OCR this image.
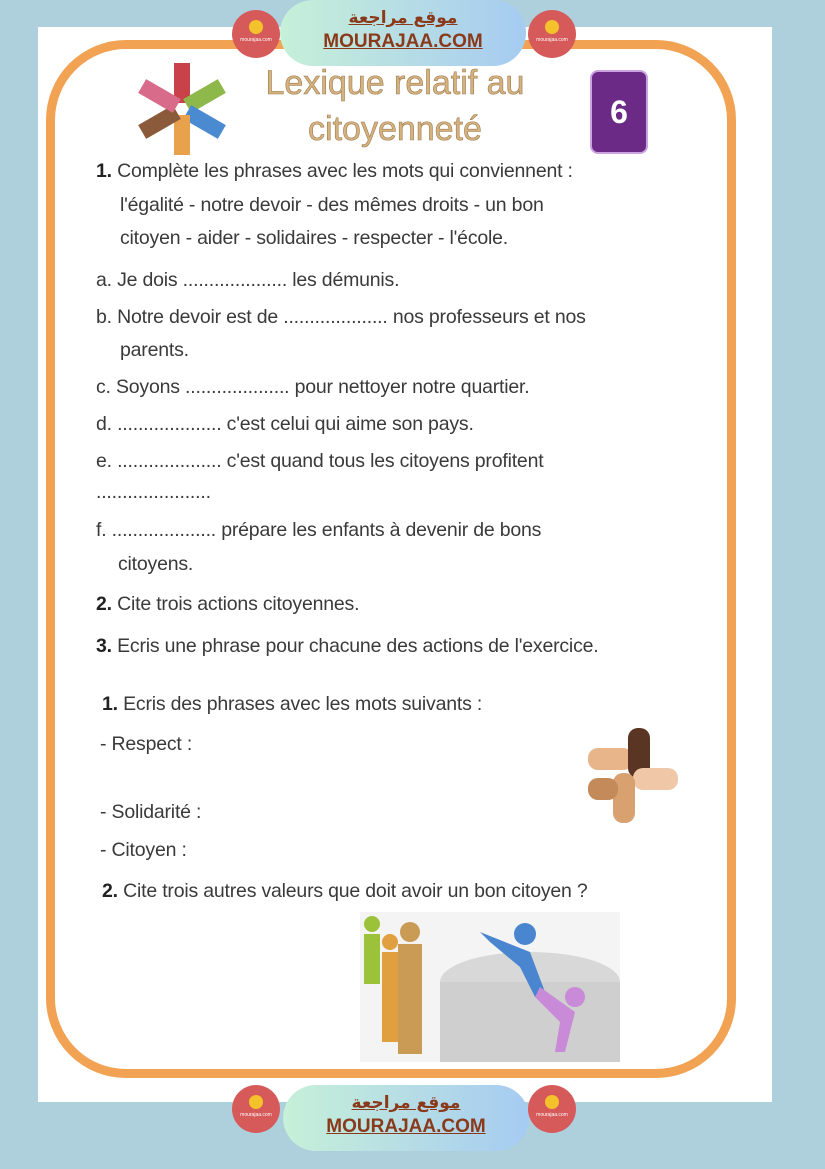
mourajaa.com
موقع مراجعة
MOURAJAA.COM	mourajaa.com
Lexique relatif au
citoyenneté	6
1. Complète les phrases avec les mots qui conviennent :
l'égalité - notre devoir - des mêmes droits - un bon
citoyen - aider - solidaires - respecter - l'école.
a. Je dois .................... les démunis.
b. Notre devoir est de .................... nos professeurs et nos
parents.
c. Soyons .................... pour nettoyer notre quartier.
d. .................... c'est celui qui aime son pays.
e. .................... c'est quand tous les citoyens profitent
......................
f. .................... prépare les enfants à devenir de bons
citoyens.
2. Cite trois actions citoyennes.
3. Ecris une phrase pour chacune des actions de l'exercice.
1. Ecris des phrases avec les mots suivants :
- Respect :
- Solidarité :
- Citoyen :
2. Cite trois autres valeurs que doit avoir un bon citoyen ?
mourajaa.com
موقع مراجعة
MOURAJAA.COM
mourajaa.com
